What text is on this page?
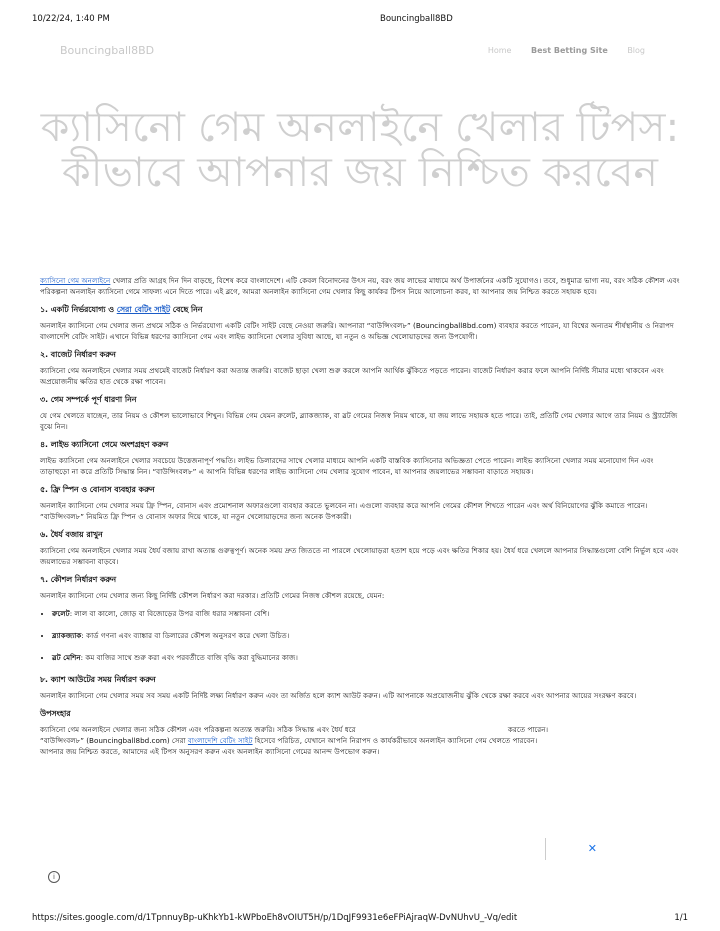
10/22/24, 1:40 PM	Bouncingball8BD
Bouncingball8BD	Home Best Betting Site Blog
ক্যাসিনো গেম অনলাইনে খেলার টিপস: কীভাবে আপনার জয় নিশ্চিত করবেন

ক্যাসিনো গেম অনলাইনে খেলার প্রতি আগ্রহ দিন দিন বাড়ছে, বিশেষ করে বাংলাদেশে। এটি কেবল বিনোদনের উৎস নয়, বরং জয় লাভের মাধ্যমে অর্থ উপার্জনের একটি সুযোগও। তবে, শুধুমাত্র ভাগ্য নয়, বরং সঠিক কৌশল এবং পরিকল্পনা অনলাইন ক্যাসিনো গেমে সাফল্য এনে দিতে পারে। এই ব্লগে, আমরা অনলাইন ক্যাসিনো গেম খেলার কিছু কার্যকর টিপস নিয়ে আলোচনা করব, যা আপনার জয় নিশ্চিত করতে সহায়ক হবে।

১. একটি নির্ভরযোগ্য ও সেরা বেটিং সাইট বেছে নিন

অনলাইন ক্যাসিনো গেম খেলার জন্য প্রথমে সঠিক ও নির্ভরযোগ্য একটি বেটিং সাইট বেছে নেওয়া জরুরি। আপনারা “বাউন্সিংবল৮” (Bouncingball8bd.com) ব্যবহার করতে পারেন, যা বিশ্বের অন্যতম শীর্ষস্থানীয় ও নিরাপদ বাংলাদেশি বেটিং সাইট। এখানে বিভিন্ন ধরণের ক্যাসিনো গেম এবং লাইভ ক্যাসিনো খেলার সুবিধা আছে, যা নতুন ও অভিজ্ঞ খেলোয়াড়দের জন্য উপযোগী।

২. বাজেট নির্ধারণ করুন

ক্যাসিনো গেম অনলাইনে খেলার সময় প্রথমেই বাজেট নির্ধারণ করা অত্যন্ত জরুরি। বাজেট ছাড়া খেলা শুরু করলে আপনি আর্থিক ঝুঁকিতে পড়তে পারেন। বাজেট নির্ধারণ করার ফলে আপনি নির্দিষ্ট সীমার মধ্যে থাকবেন এবং অপ্রয়োজনীয় ক্ষতির হাত থেকে রক্ষা পাবেন।

৩. গেম সম্পর্কে পূর্ণ ধারণা নিন

যে গেম খেলতে যাচ্ছেন, তার নিয়ম ও কৌশল ভালোভাবে শিখুন। বিভিন্ন গেম যেমন রুলেট, ব্ল্যাকজ্যাক, বা স্লট গেমের নিজস্ব নিয়ম থাকে, যা জয় লাভে সহায়ক হতে পারে। তাই, প্রতিটি গেম খেলার আগে তার নিয়ম ও স্ট্র্যাটেজি বুঝে নিন।

৪. লাইভ ক্যাসিনো গেমে অংশগ্রহণ করুন

লাইভ ক্যাসিনো গেম অনলাইনে খেলার সবচেয়ে উত্তেজনাপূর্ণ পদ্ধতি। লাইভ ডিলারদের সাথে খেলার মাধ্যমে আপনি একটি বাস্তবিক ক্যাসিনোর অভিজ্ঞতা পেতে পারেন। লাইভ ক্যাসিনো খেলার সময় মনোযোগ দিন এবং তাড়াহুড়ো না করে প্রতিটি সিদ্ধান্ত নিন। “বাউন্সিংবল৮” এ আপনি বিভিন্ন ধরণের লাইভ ক্যাসিনো গেম খেলার সুযোগ পাবেন, যা আপনার জয়লাভের সম্ভাবনা বাড়াতে সহায়ক।

৫. ফ্রি স্পিন ও বোনাস ব্যবহার করুন

অনলাইন ক্যাসিনো গেম খেলার সময় ফ্রি স্পিন, বোনাস এবং প্রমোশনাল অফারগুলো ব্যবহার করতে ভুলবেন না। এগুলো ব্যবহার করে আপনি গেমের কৌশল শিখতে পারেন এবং অর্থ বিনিয়োগের ঝুঁকি কমাতে পারেন। “বাউন্সিংবল৮” নিয়মিত ফ্রি স্পিন ও বোনাস অফার দিয়ে থাকে, যা নতুন খেলোয়াড়দের জন্য অনেক উপকারী।

৬. ধৈর্য বজায় রাখুন

ক্যাসিনো গেম অনলাইনে খেলার সময় ধৈর্য বজায় রাখা অত্যন্ত গুরুত্বপূর্ণ। অনেক সময় দ্রুত জিততে না পারলে খেলোয়াড়রা হতাশ হয়ে পড়ে এবং ক্ষতির শিকার হয়। ধৈর্য ধরে খেললে আপনার সিদ্ধান্তগুলো বেশি নির্ভুল হবে এবং জয়লাভের সম্ভাবনা বাড়বে।

৭. কৌশল নির্ধারণ করুন

অনলাইন ক্যাসিনো গেম খেলার জন্য কিছু নির্দিষ্ট কৌশল নির্ধারণ করা দরকার। প্রতিটি গেমের নিজস্ব কৌশল রয়েছে, যেমন:

• রুলেট: লাল বা কালো, জোড় বা বিজোড়ের উপর বাজি ধরার সম্ভাবনা বেশি।
• ব্ল্যাকজ্যাক: কার্ড গণনা এবং ব্যাঙ্কার বা ডিলারের কৌশল অনুসরণ করে খেলা উচিত।
• স্লট মেশিন: কম বাজির সাথে শুরু করা এবং পরবর্তীতে বাজি বৃদ্ধি করা বুদ্ধিমানের কাজ।
৮. ক্যাশ আউটের সময় নির্ধারণ করুন

অনলাইন ক্যাসিনো গেম খেলার সময় সব সময় একটি নির্দিষ্ট লক্ষ্য নির্ধারণ করুন এবং তা অর্জিত হলে ক্যাশ আউট করুন। এটি আপনাকে অপ্রয়োজনীয় ঝুঁকি থেকে রক্ষা করবে এবং আপনার আয়ের সংরক্ষণ করবে।

উপসংহার

ক্যাসিনো গেম অনলাইনে খেলার জন্য সঠিক কৌশল এবং পরিকল্পনা অত্যন্ত জরুরি। সঠিক সিদ্ধান্ত এবং ধৈর্য ধরে	করতে পারেন।
“বাউন্সিংবল৮” (Bouncingball8bd.com) সেরা বাংলাদেশি বেটিং সাইট হিসেবে পরিচিত, যেখানে আপনি নিরাপদ ও কার্যকরীভাবে অনলাইন ক্যাসিনো গেম খেলতে পারবেন।
আপনার জয় নিশ্চিত করতে, আমাদের এই টিপস অনুসরণ করুন এবং অনলাইন ক্যাসিনো গেমের আনন্দ উপভোগ করুন।

✕
i
https://sites.google.com/d/1TpnnuyBp-uKhkYb1-kWPboEh8vOIUT5H/p/1DqJF9931e6eFPiAjraqW-DvNUhvU_-Vq/edit	1/1
